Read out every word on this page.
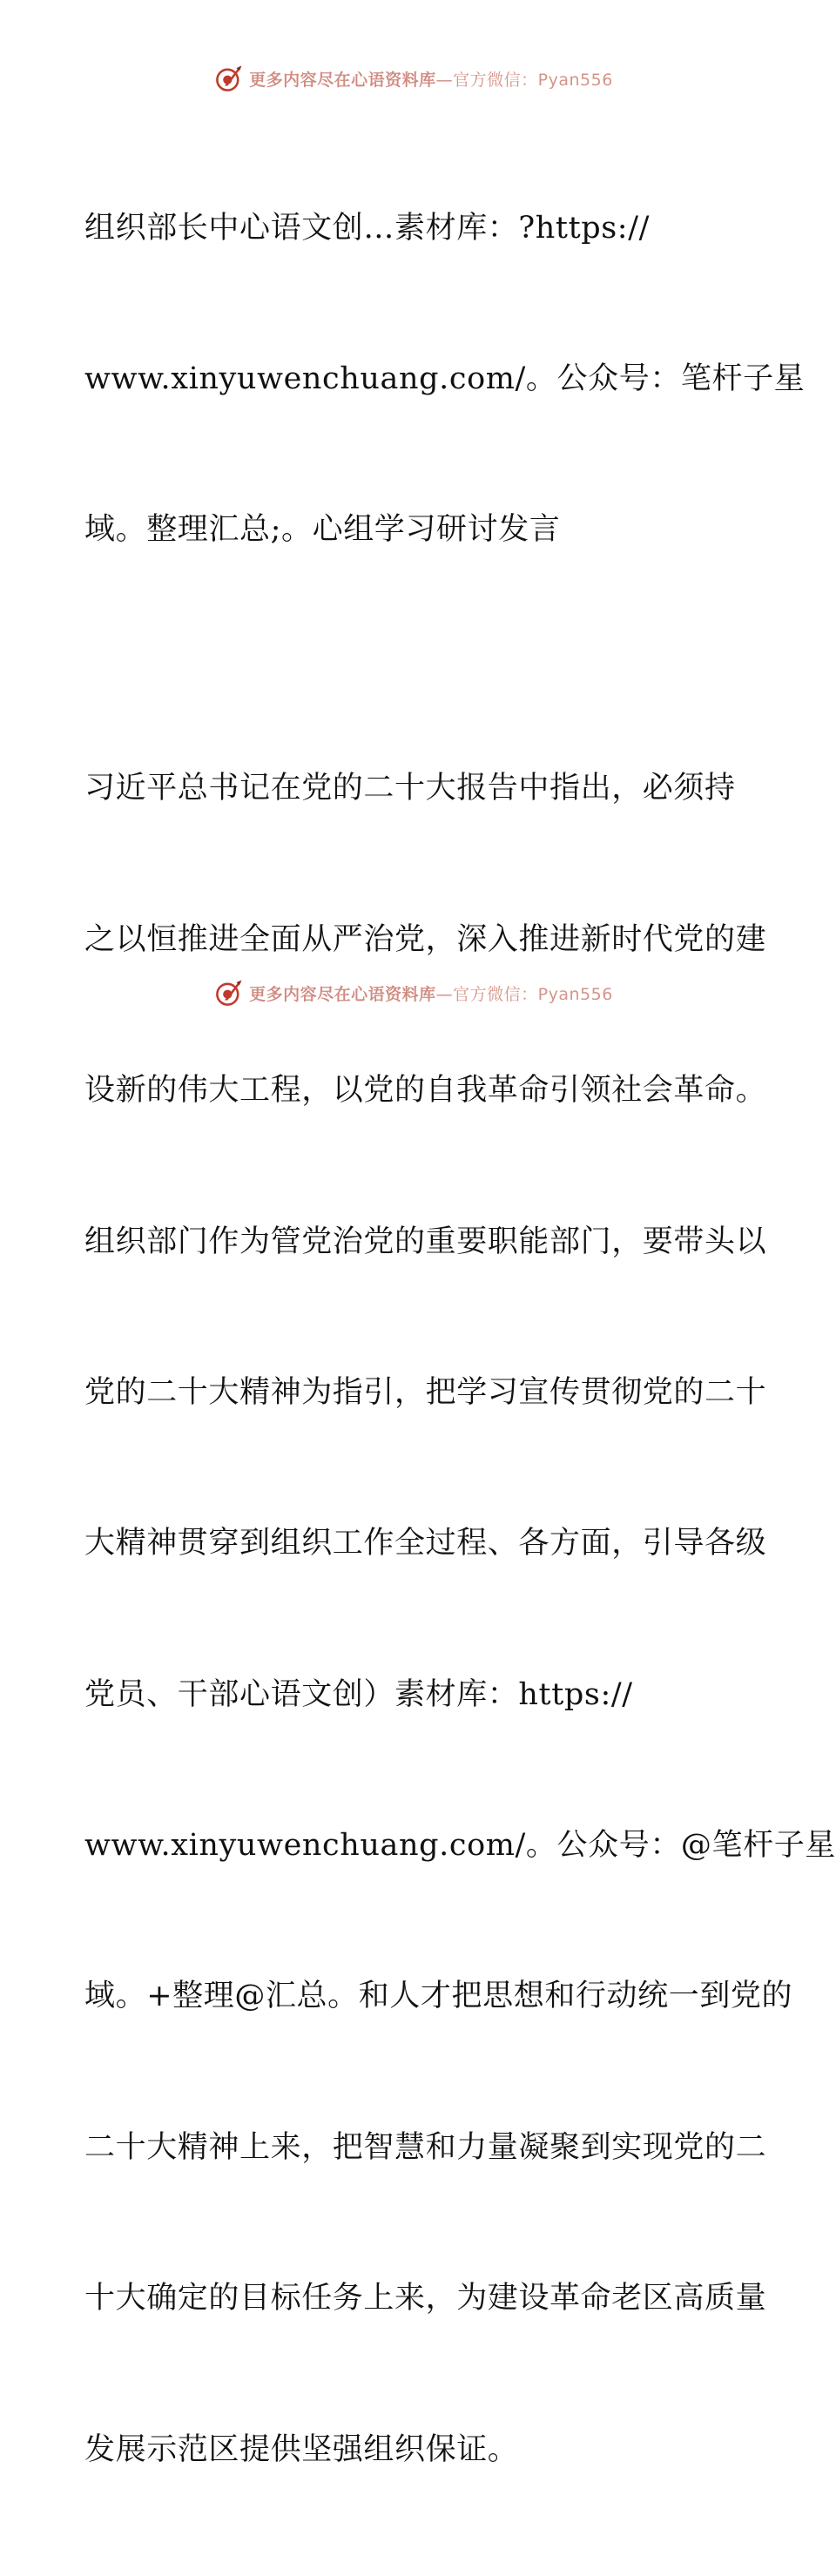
更多内容尽在心语资料库—官方微信：Pyan556

组织部长中心语文创…素材库：?https://

www.xinyuwenchuang.com/。公众号：笔杆子星

域。整理汇总;。心组学习研讨发言

习近平总书记在党的二十大报告中指出，必须持

之以恒推进全面从严治党，深入推进新时代党的建

设新的伟大工程，以党的自我革命引领社会革命。

组织部门作为管党治党的重要职能部门，要带头以

党的二十大精神为指引，把学习宣传贯彻党的二十

大精神贯穿到组织工作全过程、各方面，引导各级

党员、干部心语文创）素材库：https://

www.xinyuwenchuang.com/。公众号：@笔杆子星

域。+整理@汇总。和人才把思想和行动统一到党的

二十大精神上来，把智慧和力量凝聚到实现党的二

十大确定的目标任务上来，为建设革命老区高质量

发展示范区提供坚强组织保证。

更多内容尽在心语资料库—官方微信：Pyan556
